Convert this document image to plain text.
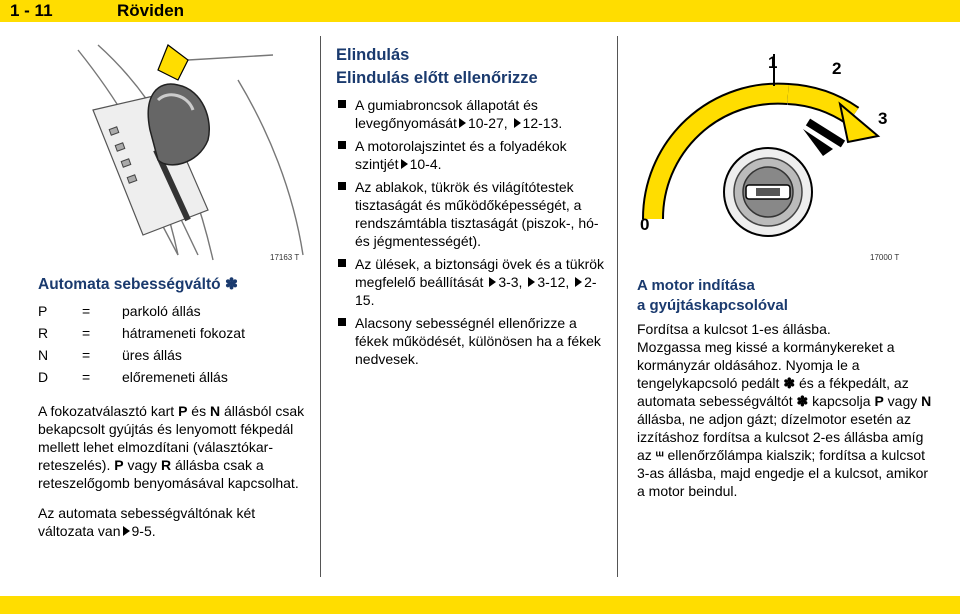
1 - 11	Röviden
17163 T
Automata sebességváltó ✽
P	=	parkoló állás
R	=	hátrameneti fokozat
N	=	üres állás
D	=	előremeneti állás

A fokozatválasztó kart P és N állásból csak bekapcsolt gyújtás és lenyomott fékpedál mellett lehet elmozdítani (választókar-reteszelés). P vagy R állásba csak a reteszelőgomb benyomásával kapcsolhat.

Az automata sebességváltónak két változata van 9-5.

Elindulás
Elindulás előtt ellenőrizze
A gumiabroncsok állapotát és levegőnyomását 10-27, 12-13.
A motorolajszintet és a folyadékok szintjét 10-4.
Az ablakok, tükrök és világítótestek tisztaságát és működőképességét, a rendszámtábla tisztaságát (piszok-, hó- és jégmentességét).
Az ülések, a biztonsági övek és a tükrök megfelelő beállítását 3-3, 3-12, 2-15.
Alacsony sebességnél ellenőrizze a fékek működését, különösen ha a fékek nedvesek.
1	2
3
0
17000 T
A motor indítása
a gyújtáskapcsolóval

Fordítsa a kulcsot 1-es állásba.

Mozgassa meg kissé a kormánykereket a kormányzár oldásához. Nyomja le a tengelykapcsoló pedált ✽ és a fékpedált, az automata sebességváltót ✽ kapcsolja P vagy N állásba, ne adjon gázt; dízelmotor esetén az izzításhoz fordítsa a kulcsot 2-es állásba amíg az ᵚ ellenőrzőlámpa kialszik; fordítsa a kulcsot 3-as állásba, majd engedje el a kulcsot, amikor a motor beindul.
